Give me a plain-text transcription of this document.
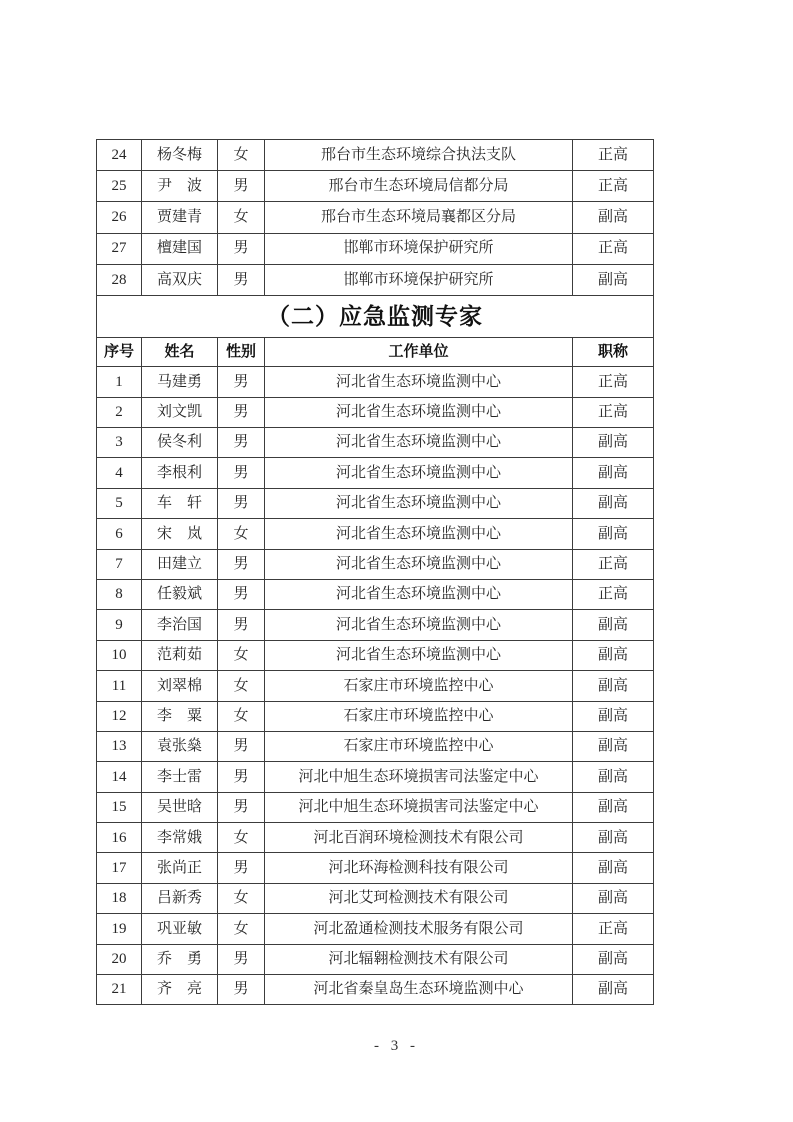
24	杨冬梅	女	邢台市生态环境综合执法支队	正高
25	尹　波	男	邢台市生态环境局信都分局	正高
26	贾建青	女	邢台市生态环境局襄都区分局	副高
27	檀建国	男	邯郸市环境保护研究所	正高
28	高双庆	男	邯郸市环境保护研究所	副高
（二）应急监测专家				
序号	姓名	性别	工作单位	职称
1	马建勇	男	河北省生态环境监测中心	正高
2	刘文凯	男	河北省生态环境监测中心	正高
3	侯冬利	男	河北省生态环境监测中心	副高
4	李根利	男	河北省生态环境监测中心	副高
5	车　轩	男	河北省生态环境监测中心	副高
6	宋　岚	女	河北省生态环境监测中心	副高
7	田建立	男	河北省生态环境监测中心	正高
8	任毅斌	男	河北省生态环境监测中心	正高
9	李治国	男	河北省生态环境监测中心	副高
10	范莉茹	女	河北省生态环境监测中心	副高
11	刘翠棉	女	石家庄市环境监控中心	副高
12	李　粟	女	石家庄市环境监控中心	副高
13	袁张燊	男	石家庄市环境监控中心	副高
14	李士雷	男	河北中旭生态环境损害司法鉴定中心	副高
15	吴世晗	男	河北中旭生态环境损害司法鉴定中心	副高
16	李常娥	女	河北百润环境检测技术有限公司	副高
17	张尚正	男	河北环海检测科技有限公司	副高
18	吕新秀	女	河北艾珂检测技术有限公司	副高
19	巩亚敏	女	河北盈通检测技术服务有限公司	正高
20	乔　勇	男	河北辐翱检测技术有限公司	副高
21	齐　亮	男	河北省秦皇岛生态环境监测中心	副高
- 3 -
